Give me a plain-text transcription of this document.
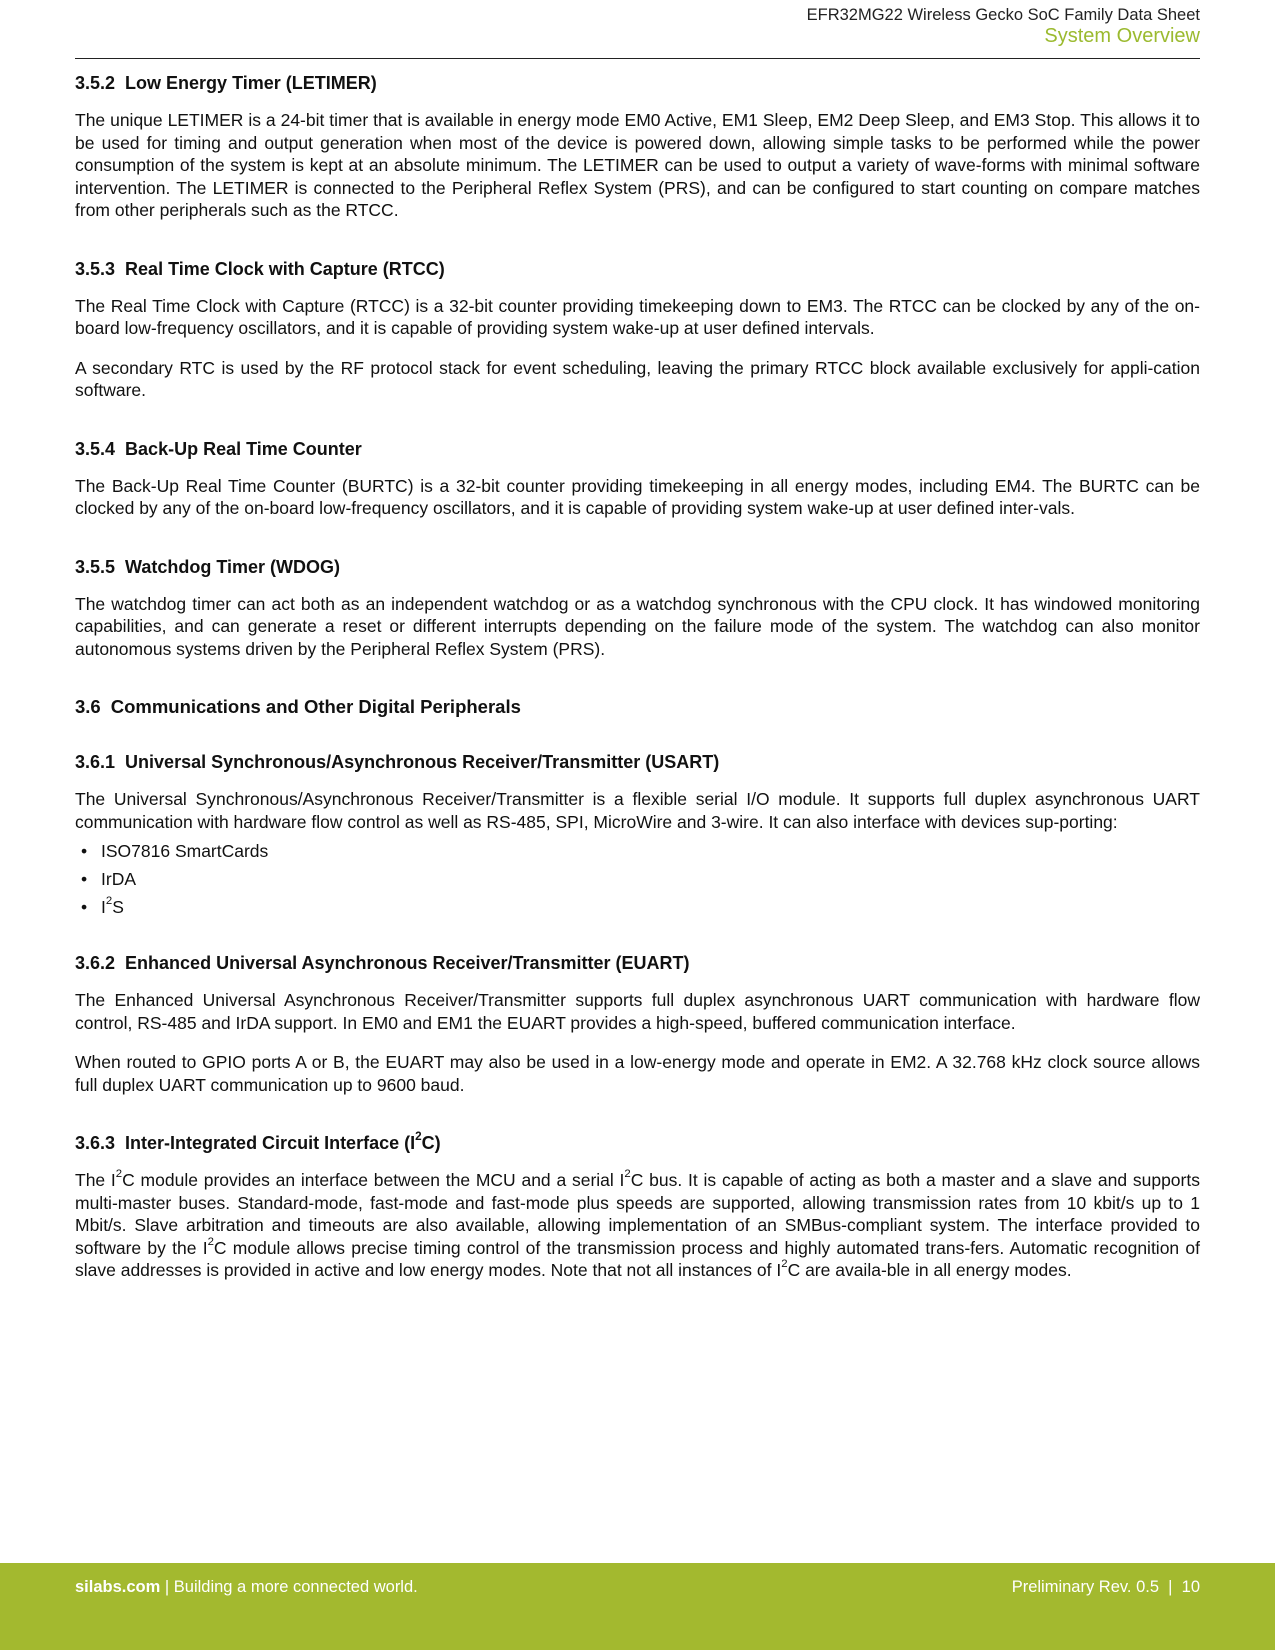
EFR32MG22 Wireless Gecko SoC Family Data Sheet
System Overview
3.5.2 Low Energy Timer (LETIMER)

The unique LETIMER is a 24-bit timer that is available in energy mode EM0 Active, EM1 Sleep, EM2 Deep Sleep, and EM3 Stop. This allows it to be used for timing and output generation when most of the device is powered down, allowing simple tasks to be performed while the power consumption of the system is kept at an absolute minimum. The LETIMER can be used to output a variety of wave-forms with minimal software intervention. The LETIMER is connected to the Peripheral Reflex System (PRS), and can be configured to start counting on compare matches from other peripherals such as the RTCC.

3.5.3 Real Time Clock with Capture (RTCC)

The Real Time Clock with Capture (RTCC) is a 32-bit counter providing timekeeping down to EM3. The RTCC can be clocked by any of the on-board low-frequency oscillators, and it is capable of providing system wake-up at user defined intervals.

A secondary RTC is used by the RF protocol stack for event scheduling, leaving the primary RTCC block available exclusively for appli-cation software.

3.5.4 Back-Up Real Time Counter

The Back-Up Real Time Counter (BURTC) is a 32-bit counter providing timekeeping in all energy modes, including EM4. The BURTC can be clocked by any of the on-board low-frequency oscillators, and it is capable of providing system wake-up at user defined inter-vals.

3.5.5 Watchdog Timer (WDOG)

The watchdog timer can act both as an independent watchdog or as a watchdog synchronous with the CPU clock. It has windowed monitoring capabilities, and can generate a reset or different interrupts depending on the failure mode of the system. The watchdog can also monitor autonomous systems driven by the Peripheral Reflex System (PRS).

3.6 Communications and Other Digital Peripherals
3.6.1 Universal Synchronous/Asynchronous Receiver/Transmitter (USART)

The Universal Synchronous/Asynchronous Receiver/Transmitter is a flexible serial I/O module. It supports full duplex asynchronous UART communication with hardware flow control as well as RS-485, SPI, MicroWire and 3-wire. It can also interface with devices sup-porting:

• ISO7816 SmartCards
• IrDA
• $I^2S$
3.6.2 Enhanced Universal Asynchronous Receiver/Transmitter (EUART)

The Enhanced Universal Asynchronous Receiver/Transmitter supports full duplex asynchronous UART communication with hardware flow control, RS-485 and IrDA support. In EM0 and EM1 the EUART provides a high-speed, buffered communication interface.

When routed to GPIO ports A or B, the EUART may also be used in a low-energy mode and operate in EM2. A 32.768 kHz clock source allows full duplex UART communication up to 9600 baud.

3.6.3 Inter-Integrated Circuit Interface $(I^2C)$

The $I^2C$ module provides an interface between the MCU and a serial $I^2C$ bus. It is capable of acting as both a master and a slave and supports multi-master buses. Standard-mode, fast-mode and fast-mode plus speeds are supported, allowing transmission rates from 10 kbit/s up to 1 Mbit/s. Slave arbitration and timeouts are also available, allowing implementation of an SMBus-compliant system. The interface provided to software by the $I^2C$ module allows precise timing control of the transmission process and highly automated trans-fers. Automatic recognition of slave addresses is provided in active and low energy modes. Note that not all instances of $I^2C$ are availa-ble in all energy modes.

silabs.com | Building a more connected world.	Preliminary Rev. 0.5  |  10
